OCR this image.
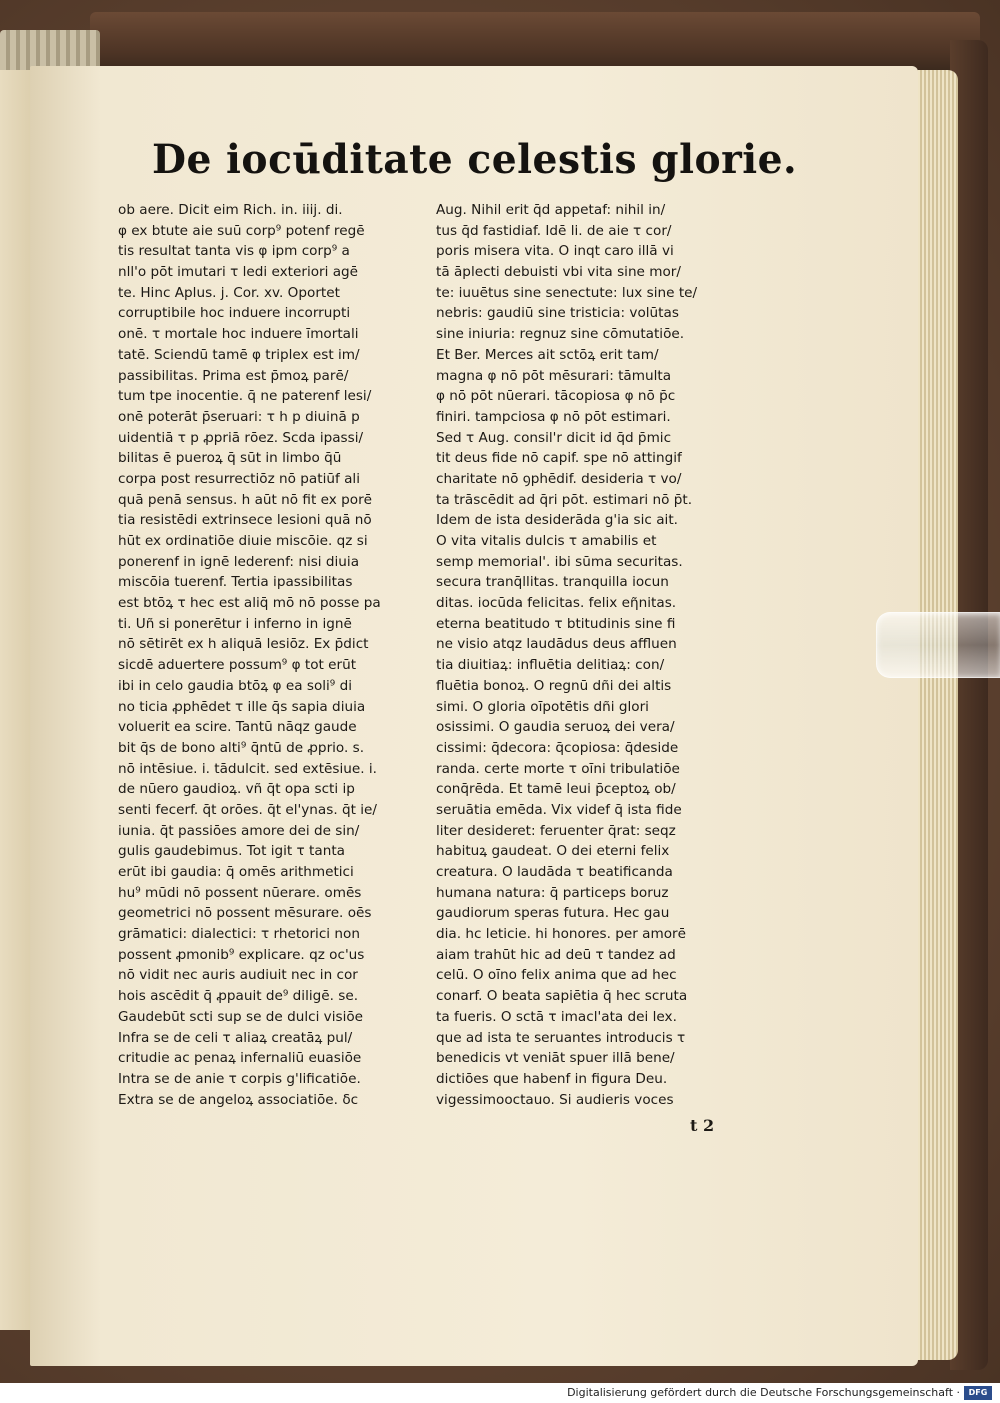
De iocūditate celestis glorie.
ob aere. Dicit eim Rich. in. iiij. di.
φ ex btute aie suū corp⁹ potenf regē
tis resultat tanta vis φ ipm corp⁹ a
nll'o pōt imutari τ ledi exteriori agē
te. Hinc Aplus. j. Cor. xv. Oportet
corruptibile hoc induere incorrupti
onē. τ mortale hoc induere īmortali
tatē. Sciendū tamē φ triplex est im/
passibilitas. Prima est p̄moꝝ parē/
tum tpe inocentie. q̄ ne paterenf lesi/
onē poterāt p̄seruari: τ h p diuinā p
uidentiā τ p ꝓpriā rōez. Scda ipassi/
bilitas ē pueroꝝ q̄ sūt in limbo q̄ū
corpa post resurrectiōz nō patiūf ali
quā penā sensus. h aūt nō fit ex porē
tia resistēdi extrinsece lesioni quā nō
hūt ex ordinatiōe diuie miscōie. qz si
ponerenf in ignē lederenf: nisi diuia
miscōia tuerenf. Tertia ipassibilitas
est btōꝝ τ hec est aliq̄ mō nō posse pa
ti. Uñ si ponerētur i inferno in ignē
nō sētirēt ex h aliquā lesiōz. Ex p̄dict
sicdē aduertere possum⁹ φ tot erūt
ibi in celo gaudia btōꝝ φ ea soli⁹ di
no ticia ꝓphēdet τ ille q̄s sapia diuia
voluerit ea scire. Tantū nāqz gaude
bit q̄s de bono alti⁹ q̄ntū de ꝓprio. s.
nō intēsiue. i. tādulcit. sed extēsiue. i.
de nūero gaudioꝝ. vñ q̄t opa scti ip
senti fecerf. q̄t orōes. q̄t el'ynas. q̄t ie/
iunia. q̄t passiōes amore dei de sin/
gulis gaudebimus. Tot igit τ tanta
erūt ibi gaudia: q̄ omēs arithmetici
hu⁹ mūdi nō possent nūerare. omēs
geometrici nō possent mēsurare. oēs
grāmatici: dialectici: τ rhetorici non
possent ꝓmonib⁹ explicare. qz oc'us
nō vidit nec auris audiuit nec in cor
hois ascēdit q̄ ꝓpauit de⁹ diligē. se.
Gaudebūt scti sup se de dulci visiōe
Infra se de celi τ aliaꝝ creatāꝝ pul/
critudie ac penaꝝ infernaliū euasiōe
Intra se de anie τ corpis g'lificatiōe.
Extra se de angeloꝝ associatiōe. δc
Aug. Nihil erit q̄d appetaf: nihil in/
tus q̄d fastidiaf. Idē li. de aie τ cor/
poris misera vita. O inqt caro illā vi
tā āplecti debuisti vbi vita sine mor/
te: iuuētus sine senectute: lux sine te/
nebris: gaudiū sine tristicia: volūtas
sine iniuria: regnuz sine cōmutatiōe.
Et Ber. Merces ait sctōꝝ erit tam/
magna φ nō pōt mēsurari: tāmulta
φ nō pōt nūerari. tācopiosa φ nō p̄c
finiri. tampciosa φ nō pōt estimari.
Sed τ Aug. consil'r dicit id q̄d p̄mic
tit deus fide nō capif. spe nō attingif
charitate nō ꝯphēdif. desideria τ vo/
ta trāscēdit ad q̄ri pōt. estimari nō p̄t.
Idem de ista desiderāda g'ia sic ait.
O vita vitalis dulcis τ amabilis et
semp memorial'. ibi sūma securitas.
secura tranq̄llitas. tranquilla iocun
ditas. iocūda felicitas. felix eῆnitas.
eterna beatitudo τ btitudinis sine fi
ne visio atqz laudādus deus affluen
tia diuitiaꝝ: influētia delitiaꝝ: con/
fluētia bonoꝝ. O regnū dñi dei altis
simi. O gloria oīpotētis dñi glori
osissimi. O gaudia seruoꝝ dei vera/
cissimi: q̄decora: q̄copiosa: q̄deside
randa. certe morte τ oīni tribulatiōe
conq̄rēda. Et tamē leui p̄ceptoꝝ ob/
seruātia emēda. Vix videf q̄ ista fide
liter desideret: feruenter q̄rat: seqz
habituꝝ gaudeat. O dei eterni felix
creatura. O laudāda τ beatificanda
humana natura: q̄ particeps boruz
gaudiorum speras futura. Hec gau
dia. hc leticie. hi honores. per amorē
aiam trahūt hic ad deū τ tandez ad
celū. O oīno felix anima que ad hec
conarf. O beata sapiētia q̄ hec scruta
ta fueris. O sctā τ imacl'ata dei lex.
que ad ista te seruantes introducis τ
benedicis vt veniāt spuer illā bene/
dictiōes que habenf in figura Deu.
vigessimooctauo. Si audieris voces
t 2
Digitalisierung gefördert durch die Deutsche Forschungsgemeinschaft ·	DFG
